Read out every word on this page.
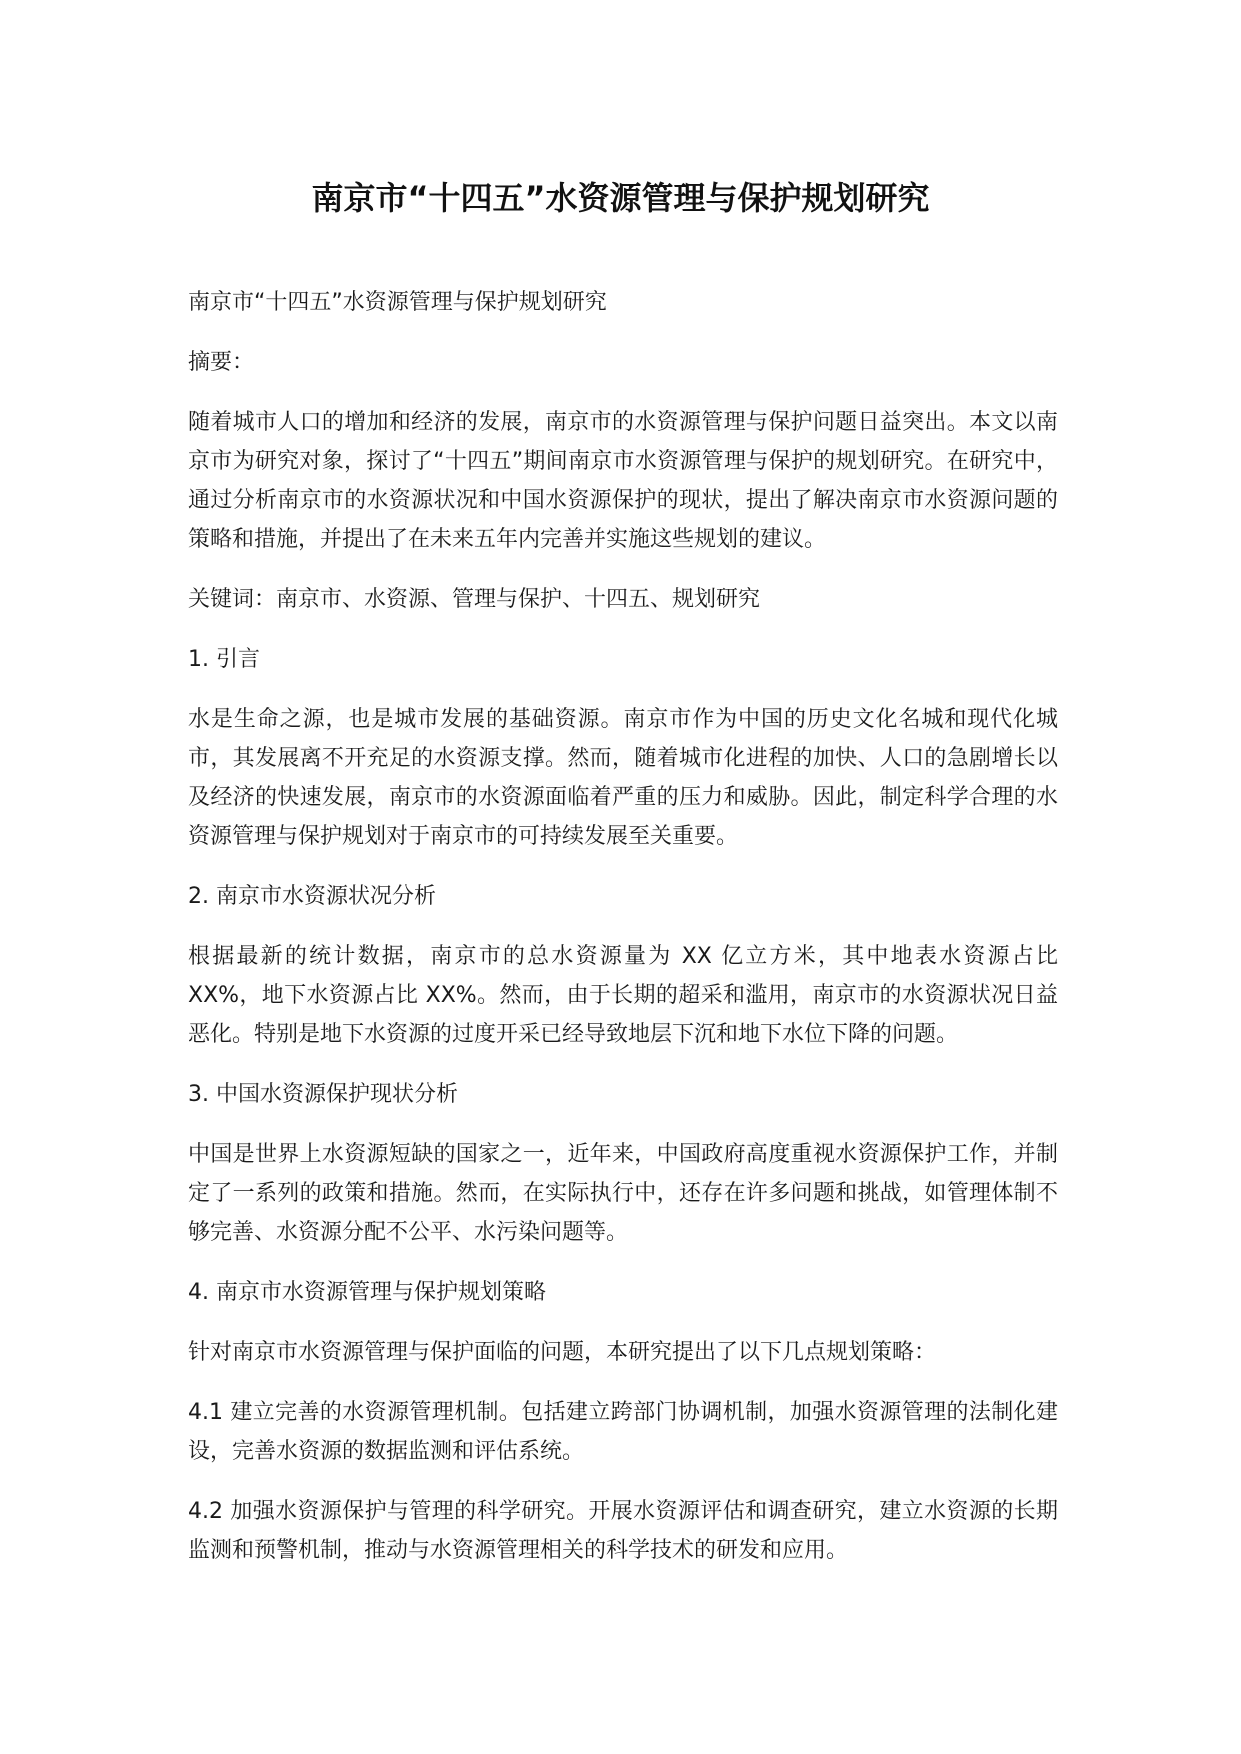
南京市“十四五”水资源管理与保护规划研究

南京市“十四五”水资源管理与保护规划研究

摘要：

随着城市人口的增加和经济的发展，南京市的水资源管理与保护问题日益突出。本文以南京市为研究对象，探讨了“十四五”期间南京市水资源管理与保护的规划研究。在研究中，通过分析南京市的水资源状况和中国水资源保护的现状，提出了解决南京市水资源问题的策略和措施，并提出了在未来五年内完善并实施这些规划的建议。

关键词：南京市、水资源、管理与保护、十四五、规划研究

1. 引言

水是生命之源，也是城市发展的基础资源。南京市作为中国的历史文化名城和现代化城市，其发展离不开充足的水资源支撑。然而，随着城市化进程的加快、人口的急剧增长以及经济的快速发展，南京市的水资源面临着严重的压力和威胁。因此，制定科学合理的水资源管理与保护规划对于南京市的可持续发展至关重要。

2. 南京市水资源状况分析

根据最新的统计数据，南京市的总水资源量为 XX 亿立方米，其中地表水资源占比 XX%，地下水资源占比 XX%。然而，由于长期的超采和滥用，南京市的水资源状况日益恶化。特别是地下水资源的过度开采已经导致地层下沉和地下水位下降的问题。

3. 中国水资源保护现状分析

中国是世界上水资源短缺的国家之一，近年来，中国政府高度重视水资源保护工作，并制定了一系列的政策和措施。然而，在实际执行中，还存在许多问题和挑战，如管理体制不够完善、水资源分配不公平、水污染问题等。

4. 南京市水资源管理与保护规划策略

针对南京市水资源管理与保护面临的问题，本研究提出了以下几点规划策略：

4.1 建立完善的水资源管理机制。包括建立跨部门协调机制，加强水资源管理的法制化建设，完善水资源的数据监测和评估系统。

4.2 加强水资源保护与管理的科学研究。开展水资源评估和调查研究，建立水资源的长期监测和预警机制，推动与水资源管理相关的科学技术的研发和应用。
